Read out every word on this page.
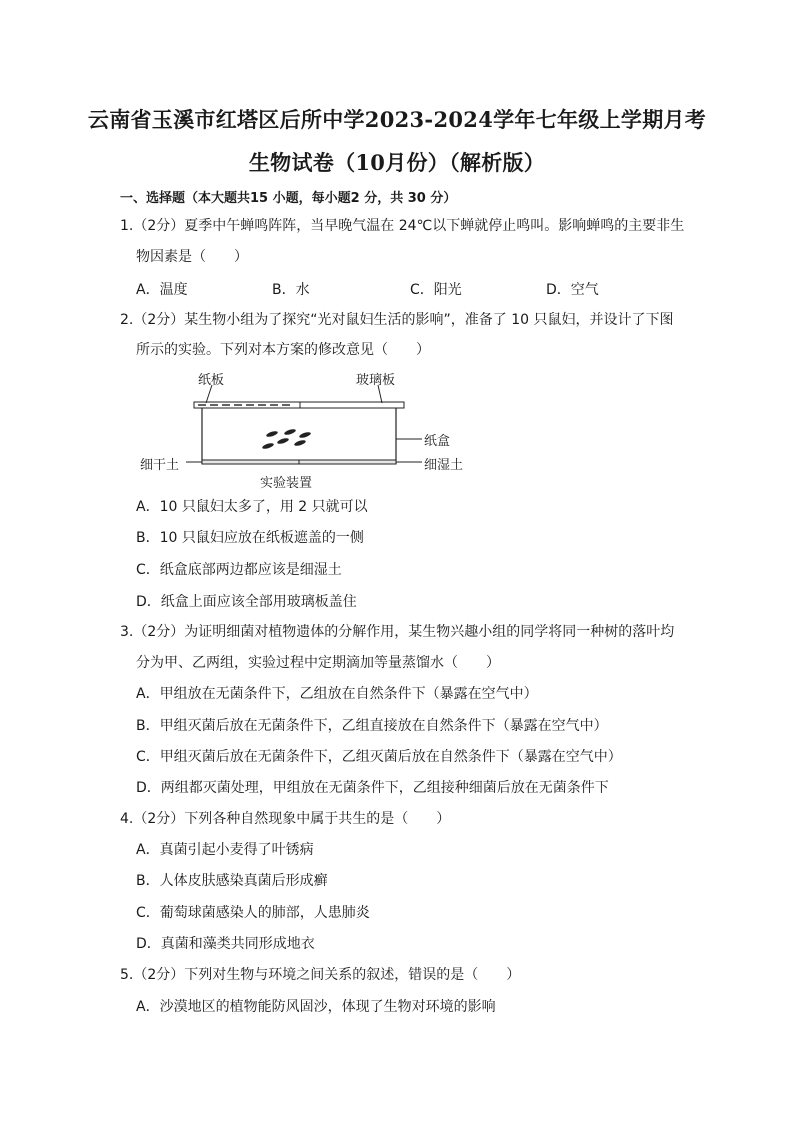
云南省玉溪市红塔区后所中学2023-2024学年七年级上学期月考
生物试卷（10月份）（解析版）
一、选择题（本大题共15 小题，每小题2 分，共 30 分）
1.（2分）夏季中午蝉鸣阵阵，当早晚气温在 24℃以下蝉就停止鸣叫。影响蝉鸣的主要非生
物因素是（　　）
A．温度	B．水	C．阳光	D．空气
2.（2分）某生物小组为了探究“光对鼠妇生活的影响”，准备了 10 只鼠妇，并设计了下图
所示的实验。下列对本方案的修改意见（　　）
纸板	玻璃板
纸盒
细干土	细湿土
实验装置
A．10 只鼠妇太多了，用 2 只就可以
B．10 只鼠妇应放在纸板遮盖的一侧
C．纸盒底部两边都应该是细湿土
D．纸盒上面应该全部用玻璃板盖住
3.（2分）为证明细菌对植物遗体的分解作用，某生物兴趣小组的同学将同一种树的落叶均
分为甲、乙两组，实验过程中定期滴加等量蒸馏水（　　）
A．甲组放在无菌条件下，乙组放在自然条件下（暴露在空气中）
B．甲组灭菌后放在无菌条件下，乙组直接放在自然条件下（暴露在空气中）
C．甲组灭菌后放在无菌条件下，乙组灭菌后放在自然条件下（暴露在空气中）
D．两组都灭菌处理，甲组放在无菌条件下，乙组接种细菌后放在无菌条件下
4.（2分）下列各种自然现象中属于共生的是（　　）
A．真菌引起小麦得了叶锈病
B．人体皮肤感染真菌后形成癣
C．葡萄球菌感染人的肺部，人患肺炎
D．真菌和藻类共同形成地衣
5.（2分）下列对生物与环境之间关系的叙述，错误的是（　　）
A．沙漠地区的植物能防风固沙，体现了生物对环境的影响
